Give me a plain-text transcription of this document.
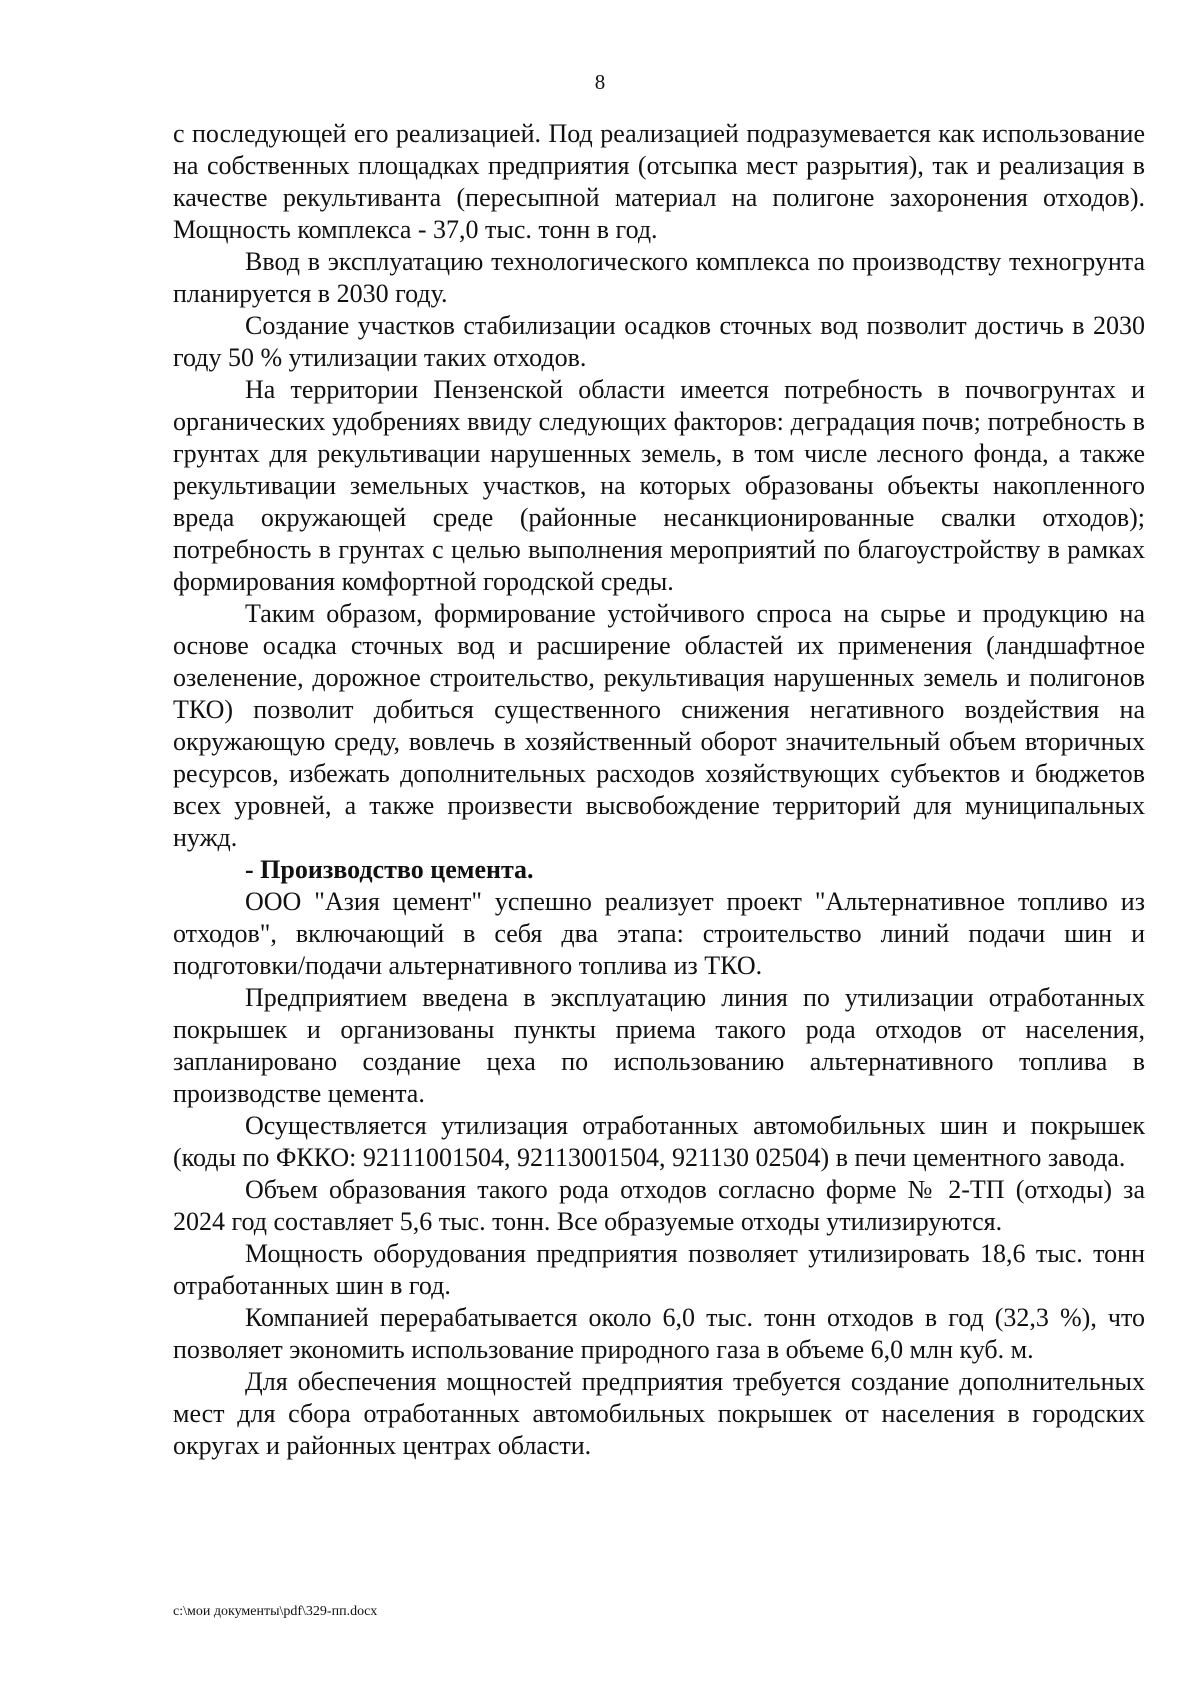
8

с последующей его реализацией. Под реализацией подразумевается как использование на собственных площадках предприятия (отсыпка мест разрытия), так и реализация в качестве рекультиванта (пересыпной материал на полигоне захоронения отходов). Мощность комплекса - 37,0 тыс. тонн в год.

Ввод в эксплуатацию технологического комплекса по производству техногрунта планируется в 2030 году.

Создание участков стабилизации осадков сточных вод позволит достичь в 2030 году 50 % утилизации таких отходов.

На территории Пензенской области имеется потребность в почвогрунтах и органических удобрениях ввиду следующих факторов: деградация почв; потребность в грунтах для рекультивации нарушенных земель, в том числе лесного фонда, а также рекультивации земельных участков, на которых образованы объекты накопленного вреда окружающей среде (районные несанкционированные свалки отходов); потребность в грунтах с целью выполнения мероприятий по благоустройству в рамках формирования комфортной городской среды.

Таким образом, формирование устойчивого спроса на сырье и продукцию на основе осадка сточных вод и расширение областей их применения (ландшафтное озеленение, дорожное строительство, рекультивация нарушенных земель и полигонов ТКО) позволит добиться существенного снижения негативного воздействия на окружающую среду, вовлечь в хозяйственный оборот значительный объем вторичных ресурсов, избежать дополнительных расходов хозяйствующих субъектов и бюджетов всех уровней, а также произвести высвобождение территорий для муниципальных нужд.

- Производство цемента.

ООО "Азия цемент" успешно реализует проект "Альтернативное топливо из отходов", включающий в себя два этапа: строительство линий подачи шин и подготовки/подачи альтернативного топлива из ТКО.

Предприятием введена в эксплуатацию линия по утилизации отработанных покрышек и организованы пункты приема такого рода отходов от населения, запланировано создание цеха по использованию альтернативного топлива в производстве цемента.

Осуществляется утилизация отработанных автомобильных шин и покрышек (коды по ФККО: 92111001504, 92113001504, 921130 02504) в печи цементного завода.

Объем образования такого рода отходов согласно форме № 2-ТП (отходы) за 2024 год составляет 5,6 тыс. тонн. Все образуемые отходы утилизируются.

Мощность оборудования предприятия позволяет утилизировать 18,6 тыс. тонн отработанных шин в год.

Компанией перерабатывается около 6,0 тыс. тонн отходов в год (32,3 %), что позволяет экономить использование природного газа в объеме 6,0 млн куб. м.

Для обеспечения мощностей предприятия требуется создание дополнительных мест для сбора отработанных автомобильных покрышек от населения в городских округах и районных центрах области.

c:\мои документы\pdf\329-пп.docx
